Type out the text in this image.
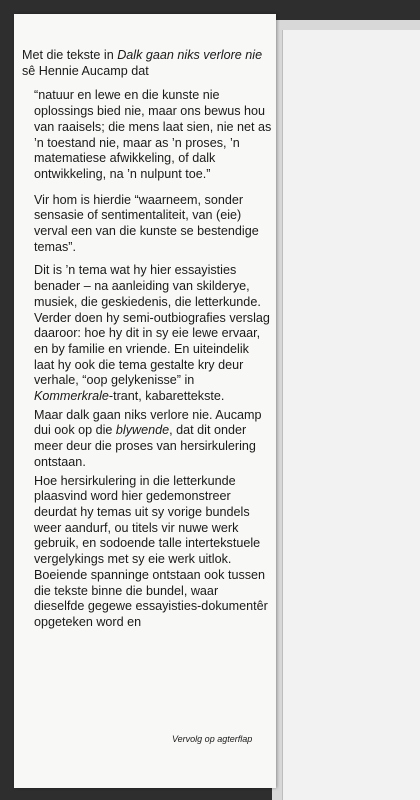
Met die tekste in Dalk gaan niks verlore nie sê Hennie Aucamp dat

“natuur en lewe en die kunste nie oplossings bied nie, maar ons bewus hou van raaisels; die mens laat sien, nie net as ’n toestand nie, maar as ’n proses, ’n matematiese afwikkeling, of dalk ontwikkeling, na ’n nulpunt toe.”

Vir hom is hierdie “waarneem, sonder sensasie of sentimentaliteit, van (eie) verval een van die kunste se bestendige temas”.

Dit is ’n tema wat hy hier essayisties benader – na aanleiding van skilderye, musiek, die geskiedenis, die letterkunde. Verder doen hy semi-outbiografies verslag daaroor: hoe hy dit in sy eie lewe ervaar, en by familie en vriende. En uiteindelik laat hy ook die tema gestalte kry deur verhale, “oop gelykenisse” in Kommerkrale-trant, kabarettekste.

Maar dalk gaan niks verlore nie. Aucamp dui ook op die blywende, dat dit onder meer deur die proses van hersirkulering ontstaan.

Hoe hersirkulering in die letterkunde plaasvind word hier gedemonstreer deurdat hy temas uit sy vorige bundels weer aandurf, ou titels vir nuwe werk gebruik, en sodoende talle intertekstuele vergelykings met sy eie werk uitlok. Boeiende spanninge ontstaan ook tussen die tekste binne die bundel, waar dieselfde gegewe essayisties-dokumentêr opgeteken word en

Vervolg op agterflap
